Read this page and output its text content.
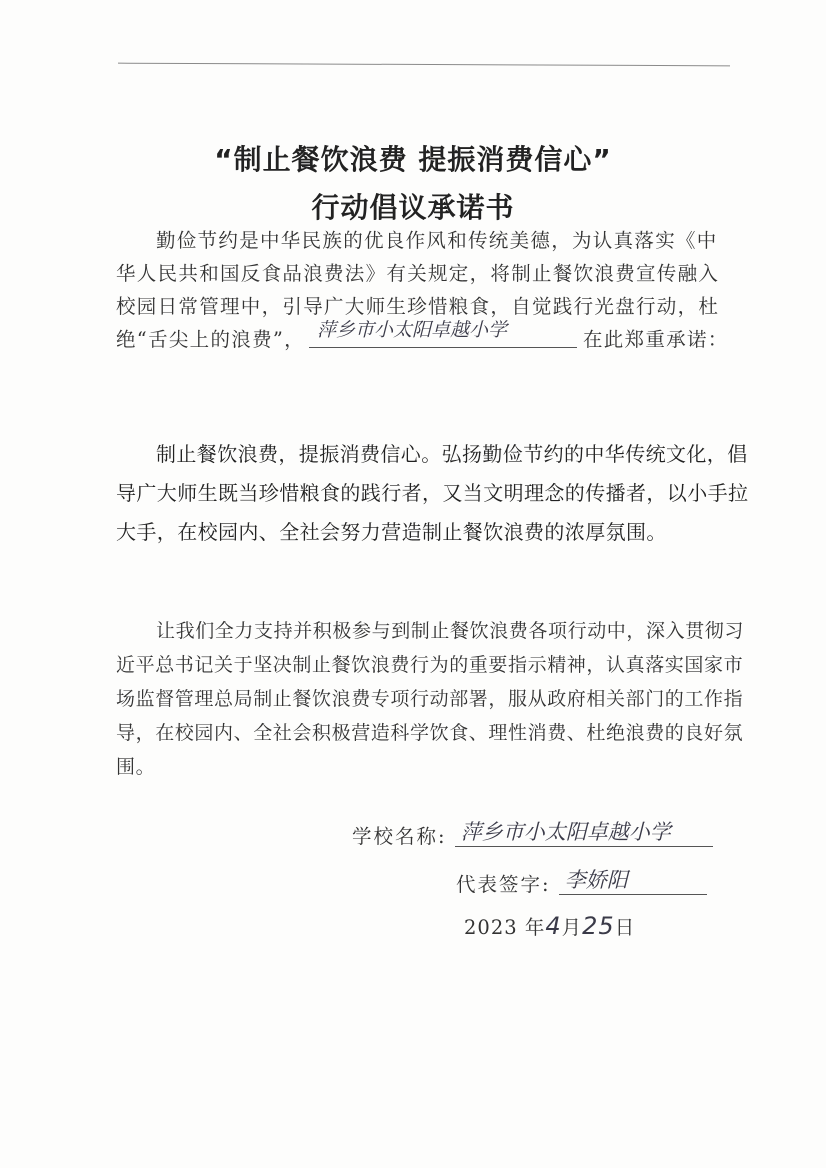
“制止餐饮浪费 提振消费信心”
行动倡议承诺书
勤俭节约是中华民族的优良作风和传统美德，为认真落实《中华人民共和国反食品浪费法》有关规定，将制止餐饮浪费宣传融入校园日常管理中，引导广大师生珍惜粮食，自觉践行光盘行动，杜绝“舌尖上的浪费”， 萍乡市小太阳卓越小学	在此郑重承诺：
制止餐饮浪费，提振消费信心。弘扬勤俭节约的中华传统文化，倡导广大师生既当珍惜粮食的践行者，又当文明理念的传播者，以小手拉大手，在校园内、全社会努力营造制止餐饮浪费的浓厚氛围。
让我们全力支持并积极参与到制止餐饮浪费各项行动中，深入贯彻习近平总书记关于坚决制止餐饮浪费行为的重要指示精神，认真落实国家市场监督管理总局制止餐饮浪费专项行动部署，服从政府相关部门的工作指导，在校园内、全社会积极营造科学饮食、理性消费、杜绝浪费的良好氛围。
学校名称: 萍乡市小太阳卓越小学
代表签字: 李娇阳
2023 年4月25日
